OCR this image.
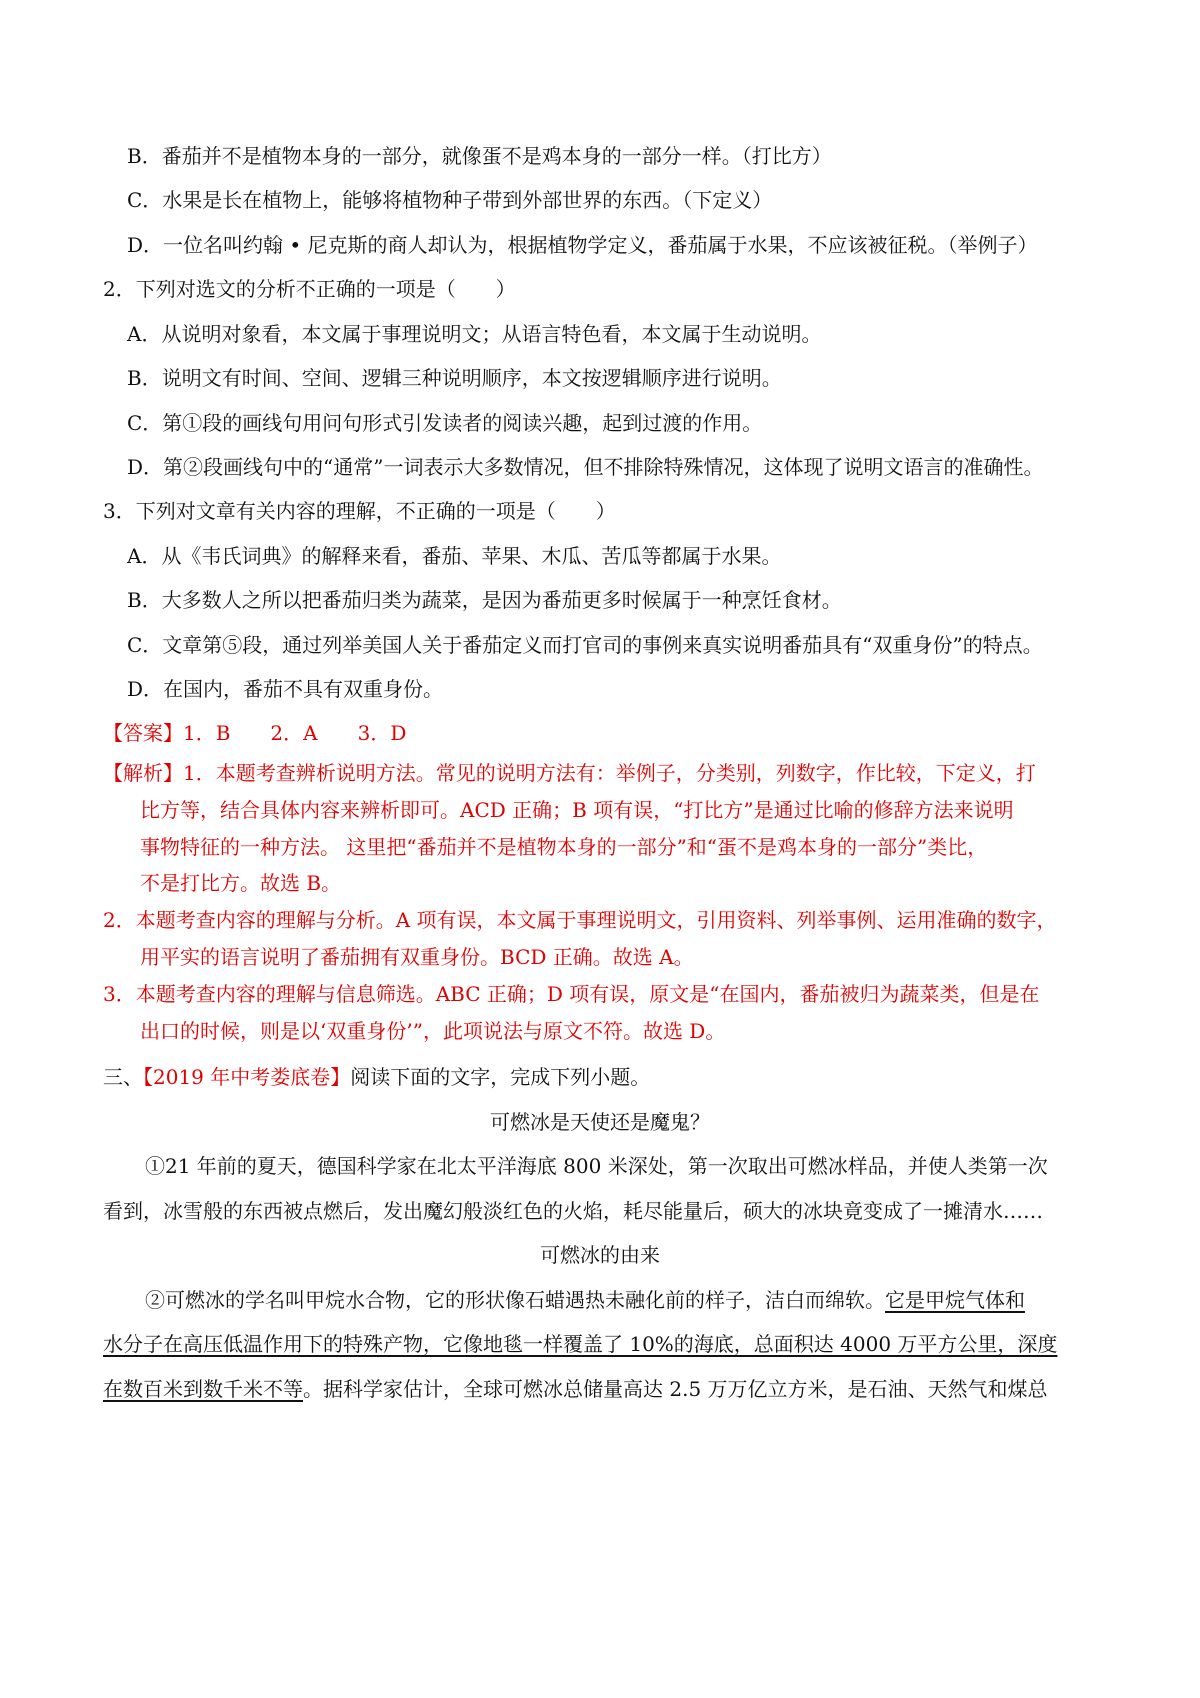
B．番茄并不是植物本身的一部分，就像蛋不是鸡本身的一部分一样。（打比方）
C．水果是长在植物上，能够将植物种子带到外部世界的东西。（下定义）
D．一位名叫约翰 • 尼克斯的商人却认为，根据植物学定义，番茄属于水果，不应该被征税。（举例子）
2．下列对选文的分析不正确的一项是（　　）
A．从说明对象看，本文属于事理说明文；从语言特色看，本文属于生动说明。
B．说明文有时间、空间、逻辑三种说明顺序，本文按逻辑顺序进行说明。
C．第①段的画线句用问句形式引发读者的阅读兴趣，起到过渡的作用。
D．第②段画线句中的“通常”一词表示大多数情况，但不排除特殊情况，这体现了说明文语言的准确性。
3．下列对文章有关内容的理解，不正确的一项是（　　）
A．从《韦氏词典》的解释来看，番茄、苹果、木瓜、苦瓜等都属于水果。
B．大多数人之所以把番茄归类为蔬菜，是因为番茄更多时候属于一种烹饪食材。
C．文章第⑤段，通过列举美国人关于番茄定义而打官司的事例来真实说明番茄具有“双重身份”的特点。
D．在国内，番茄不具有双重身份。
【答案】1．B　　2．A　　3．D
【解析】1．本题考查辨析说明方法。常见的说明方法有：举例子，分类别，列数字，作比较，下定义，打
比方等，结合具体内容来辨析即可。ACD 正确；B 项有误，“打比方”是通过比喻的修辞方法来说明
事物特征的一种方法。 这里把“番茄并不是植物本身的一部分”和“蛋不是鸡本身的一部分”类比，
不是打比方。故选 B。
2．本题考查内容的理解与分析。A 项有误，本文属于事理说明文，引用资料、列举事例、运用准确的数字，
用平实的语言说明了番茄拥有双重身份。BCD 正确。故选 A。
3．本题考查内容的理解与信息筛选。ABC 正确；D 项有误，原文是“在国内，番茄被归为蔬菜类，但是在
出口的时候，则是以‘双重身份’”，此项说法与原文不符。故选 D。
三、【2019 年中考娄底卷】阅读下面的文字，完成下列小题。
可燃冰是天使还是魔鬼？
①21 年前的夏天，德国科学家在北太平洋海底 800 米深处，第一次取出可燃冰样品，并使人类第一次
看到，冰雪般的东西被点燃后，发出魔幻般淡红色的火焰，耗尽能量后，硕大的冰块竟变成了一摊清水……
可燃冰的由来
②可燃冰的学名叫甲烷水合物，它的形状像石蜡遇热未融化前的样子，洁白而绵软。它是甲烷气体和
水分子在高压低温作用下的特殊产物，它像地毯一样覆盖了 10%的海底，总面积达 4000 万平方公里，深度
在数百米到数千米不等。据科学家估计，全球可燃冰总储量高达 2.5 万万亿立方米，是石油、天然气和煤总
